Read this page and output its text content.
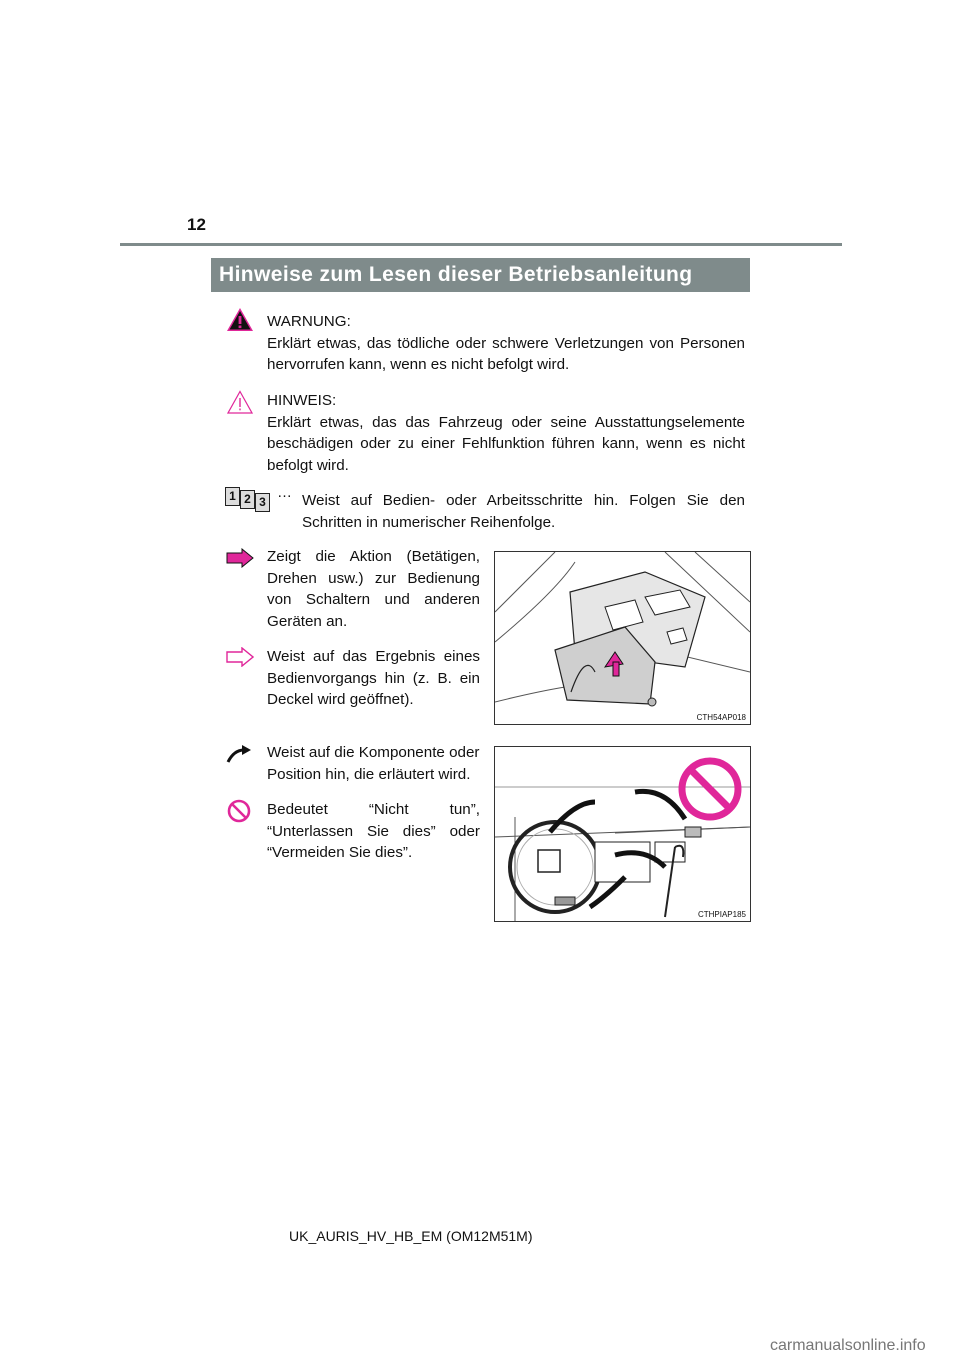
12
Hinweise zum Lesen dieser Betriebsanleitung
WARNUNG:
Erklärt etwas, das tödliche oder schwere Verletzungen von Personen hervorrufen kann, wenn es nicht befolgt wird.
HINWEIS:
Erklärt etwas, das das Fahrzeug oder seine Ausstattungselemente beschädigen oder zu einer Fehlfunktion führen kann, wenn es nicht befolgt wird.
1 2 3
… Weist auf Bedien- oder Arbeitsschritte hin. Folgen Sie den Schritten in numerischer Reihenfolge.
Zeigt die Aktion (Betätigen, Drehen usw.) zur Bedienung von Schaltern und anderen Geräten an.
Weist auf das Ergebnis eines Bedienvorgangs hin (z. B. ein Deckel wird geöffnet).
Weist auf die Komponente oder Position hin, die erläutert wird.
Bedeutet “Nicht tun”, “Unterlassen Sie dies” oder “Vermeiden Sie dies”.
CTH54AP018
CTHPIAP185
UK_AURIS_HV_HB_EM (OM12M51M)
carmanualsonline.info
